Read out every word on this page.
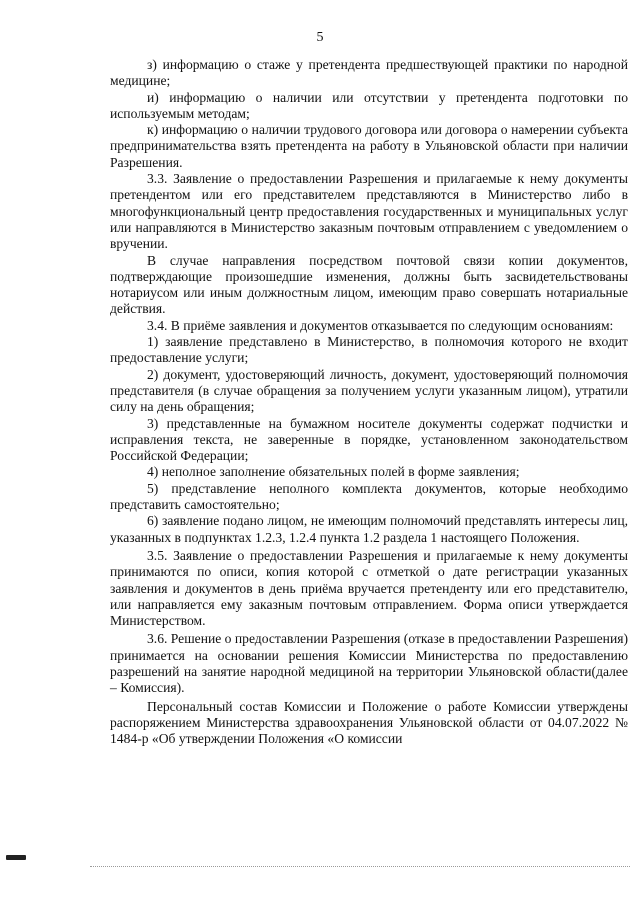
5

з) информацию о стаже у претендента предшествующей практики по народной медицине;

и) информацию о наличии или отсутствии у претендента подготовки по используемым методам;

к) информацию о наличии трудового договора или договора о намерении субъекта предпринимательства взять претендента на работу в Ульяновской области при наличии Разрешения.

3.3. Заявление о предоставлении Разрешения и прилагаемые к нему документы претендентом или его представителем представляются в Министерство либо в многофункциональный центр предоставления государственных и муниципальных услуг или направляются в Министерство заказным почтовым отправлением с уведомлением о вручении.

В случае направления посредством почтовой связи копии документов, подтверждающие произошедшие изменения, должны быть засвидетельствованы нотариусом или иным должностным лицом, имеющим право совершать нотариальные действия.

3.4. В приёме заявления и документов отказывается по следующим основаниям:

1) заявление представлено в Министерство, в полномочия которого не входит предоставление услуги;

2) документ, удостоверяющий личность, документ, удостоверяющий полномочия представителя (в случае обращения за получением услуги указанным лицом), утратили силу на день обращения;

3) представленные на бумажном носителе документы содержат подчистки и исправления текста, не заверенные в порядке, установленном законодательством Российской Федерации;

4) неполное заполнение обязательных полей в форме заявления;

5) представление неполного комплекта документов, которые необходимо представить самостоятельно;

6) заявление подано лицом, не имеющим полномочий представлять интересы лиц, указанных в подпунктах 1.2.3, 1.2.4 пункта 1.2 раздела 1 настоящего Положения.

3.5. Заявление о предоставлении Разрешения и прилагаемые к нему документы принимаются по описи, копия которой с отметкой о дате регистрации указанных заявления и документов в день приёма вручается претенденту или его представителю, или направляется ему заказным почтовым отправлением. Форма описи утверждается Министерством.

3.6. Решение о предоставлении Разрешения (отказе в предоставлении Разрешения) принимается на основании решения Комиссии Министерства по предоставлению разрешений на занятие народной медициной на территории Ульяновской области(далее – Комиссия).

Персональный состав Комиссии и Положение о работе Комиссии утверждены распоряжением Министерства здравоохранения Ульяновской области от 04.07.2022 № 1484-р «Об утверждении Положения «О комиссии
